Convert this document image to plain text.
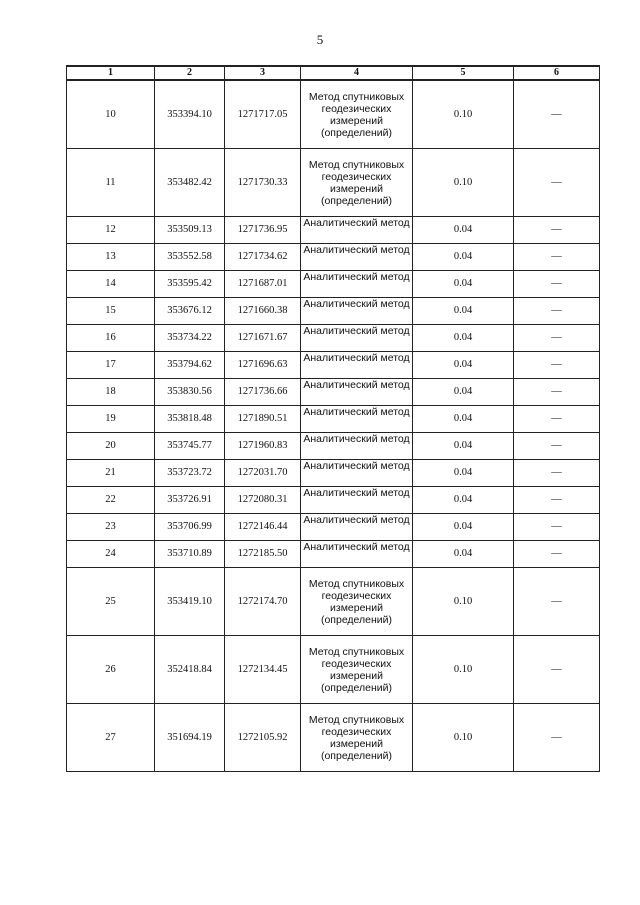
5
1	2	3	4	5	6
10	353394.10	1271717.05	Метод спутниковых геодезических измерений (определений)	0.10	—
11	353482.42	1271730.33	Метод спутниковых геодезических измерений (определений)	0.10	—
12	353509.13	1271736.95	Аналитический метод	0.04	—
13	353552.58	1271734.62	Аналитический метод	0.04	—
14	353595.42	1271687.01	Аналитический метод	0.04	—
15	353676.12	1271660.38	Аналитический метод	0.04	—
16	353734.22	1271671.67	Аналитический метод	0.04	—
17	353794.62	1271696.63	Аналитический метод	0.04	—
18	353830.56	1271736.66	Аналитический метод	0.04	—
19	353818.48	1271890.51	Аналитический метод	0.04	—
20	353745.77	1271960.83	Аналитический метод	0.04	—
21	353723.72	1272031.70	Аналитический метод	0.04	—
22	353726.91	1272080.31	Аналитический метод	0.04	—
23	353706.99	1272146.44	Аналитический метод	0.04	—
24	353710.89	1272185.50	Аналитический метод	0.04	—
25	353419.10	1272174.70	Метод спутниковых геодезических измерений (определений)	0.10	—
26	352418.84	1272134.45	Метод спутниковых геодезических измерений (определений)	0.10	—
27	351694.19	1272105.92	Метод спутниковых геодезических измерений (определений)	0.10	—
